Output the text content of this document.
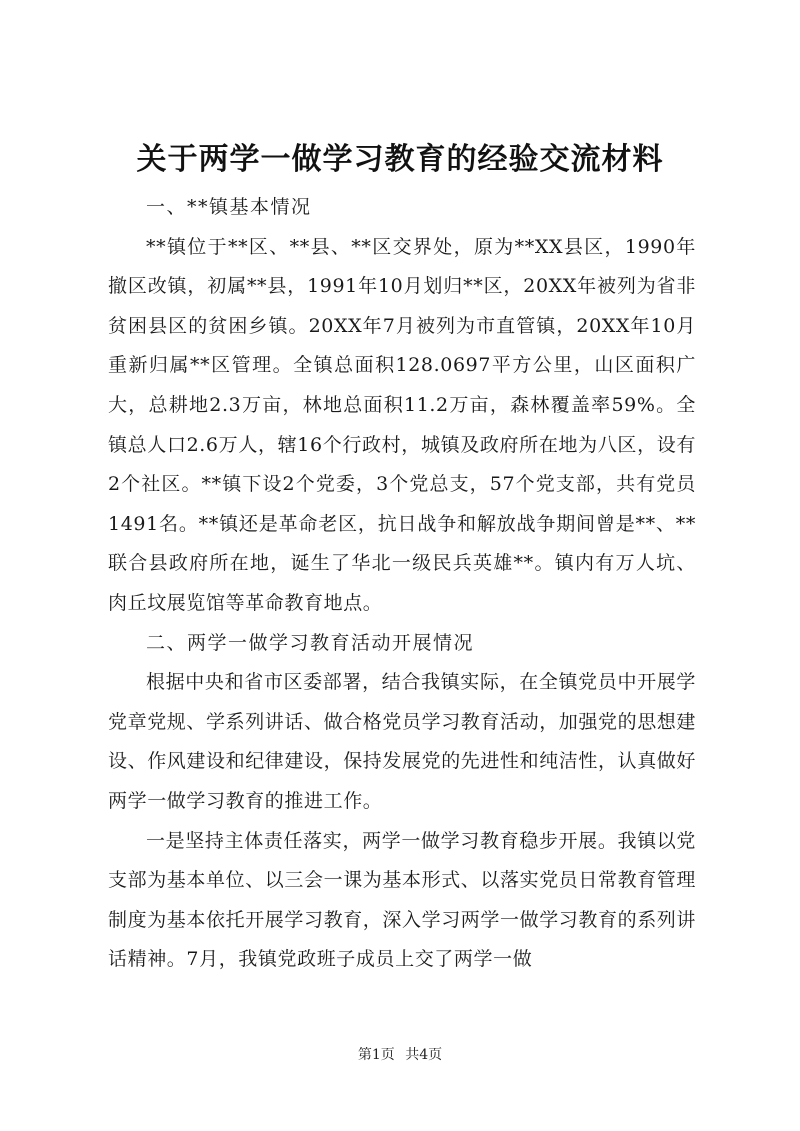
关于两学一做学习教育的经验交流材料

一、**镇基本情况

**镇位于**区、**县、**区交界处，原为**XX县区，1990年撤区改镇，初属**县，1991年10月划归**区，20XX年被列为省非贫困县区的贫困乡镇。20XX年7月被列为市直管镇，20XX年10月重新归属**区管理。全镇总面积128.0697平方公里，山区面积广大，总耕地2.3万亩，林地总面积11.2万亩，森林覆盖率59%。全镇总人口2.6万人，辖16个行政村，城镇及政府所在地为八区，设有2个社区。**镇下设2个党委，3个党总支，57个党支部，共有党员1491名。**镇还是革命老区，抗日战争和解放战争期间曾是**、**联合县政府所在地，诞生了华北一级民兵英雄**。镇内有万人坑、肉丘坟展览馆等革命教育地点。

二、两学一做学习教育活动开展情况

根据中央和省市区委部署，结合我镇实际，在全镇党员中开展学党章党规、学系列讲话、做合格党员学习教育活动，加强党的思想建设、作风建设和纪律建设，保持发展党的先进性和纯洁性，认真做好两学一做学习教育的推进工作。

一是坚持主体责任落实，两学一做学习教育稳步开展。我镇以党支部为基本单位、以三会一课为基本形式、以落实党员日常教育管理制度为基本依托开展学习教育，深入学习两学一做学习教育的系列讲话精神。7月，我镇党政班子成员上交了两学一做

第1页 共4页
